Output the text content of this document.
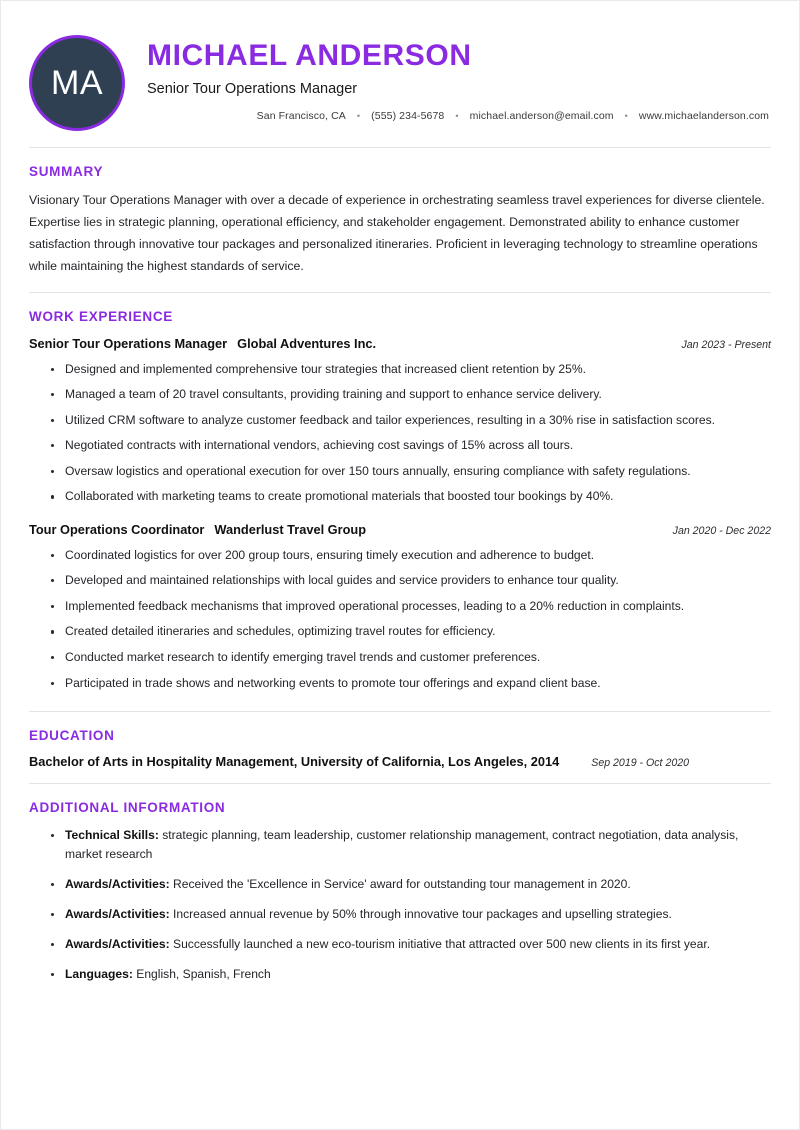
MA
MICHAEL ANDERSON
Senior Tour Operations Manager
San Francisco, CA	•	(555) 234-5678	•	michael.anderson@email.com	•	www.michaelanderson.com
SUMMARY

Visionary Tour Operations Manager with over a decade of experience in orchestrating seamless travel experiences for diverse clientele. Expertise lies in strategic planning, operational efficiency, and stakeholder engagement. Demonstrated ability to enhance customer satisfaction through innovative tour packages and personalized itineraries. Proficient in leveraging technology to streamline operations while maintaining the highest standards of service.

WORK EXPERIENCE
Senior Tour Operations Manager Global Adventures Inc.	Jan 2023 - Present
Designed and implemented comprehensive tour strategies that increased client retention by 25%.
Managed a team of 20 travel consultants, providing training and support to enhance service delivery.
Utilized CRM software to analyze customer feedback and tailor experiences, resulting in a 30% rise in satisfaction scores.
Negotiated contracts with international vendors, achieving cost savings of 15% across all tours.
Oversaw logistics and operational execution for over 150 tours annually, ensuring compliance with safety regulations.
Collaborated with marketing teams to create promotional materials that boosted tour bookings by 40%.
Tour Operations Coordinator Wanderlust Travel Group	Jan 2020 - Dec 2022
Coordinated logistics for over 200 group tours, ensuring timely execution and adherence to budget.
Developed and maintained relationships with local guides and service providers to enhance tour quality.
Implemented feedback mechanisms that improved operational processes, leading to a 20% reduction in complaints.
Created detailed itineraries and schedules, optimizing travel routes for efficiency.
Conducted market research to identify emerging travel trends and customer preferences.
Participated in trade shows and networking events to promote tour offerings and expand client base.
EDUCATION
Bachelor of Arts in Hospitality Management, University of California, Los Angeles, 2014	Sep 2019 - Oct 2020
ADDITIONAL INFORMATION
Technical Skills: strategic planning, team leadership, customer relationship management, contract negotiation, data analysis, market research
Awards/Activities: Received the 'Excellence in Service' award for outstanding tour management in 2020.
Awards/Activities: Increased annual revenue by 50% through innovative tour packages and upselling strategies.
Awards/Activities: Successfully launched a new eco-tourism initiative that attracted over 500 new clients in its first year.
Languages: English, Spanish, French
